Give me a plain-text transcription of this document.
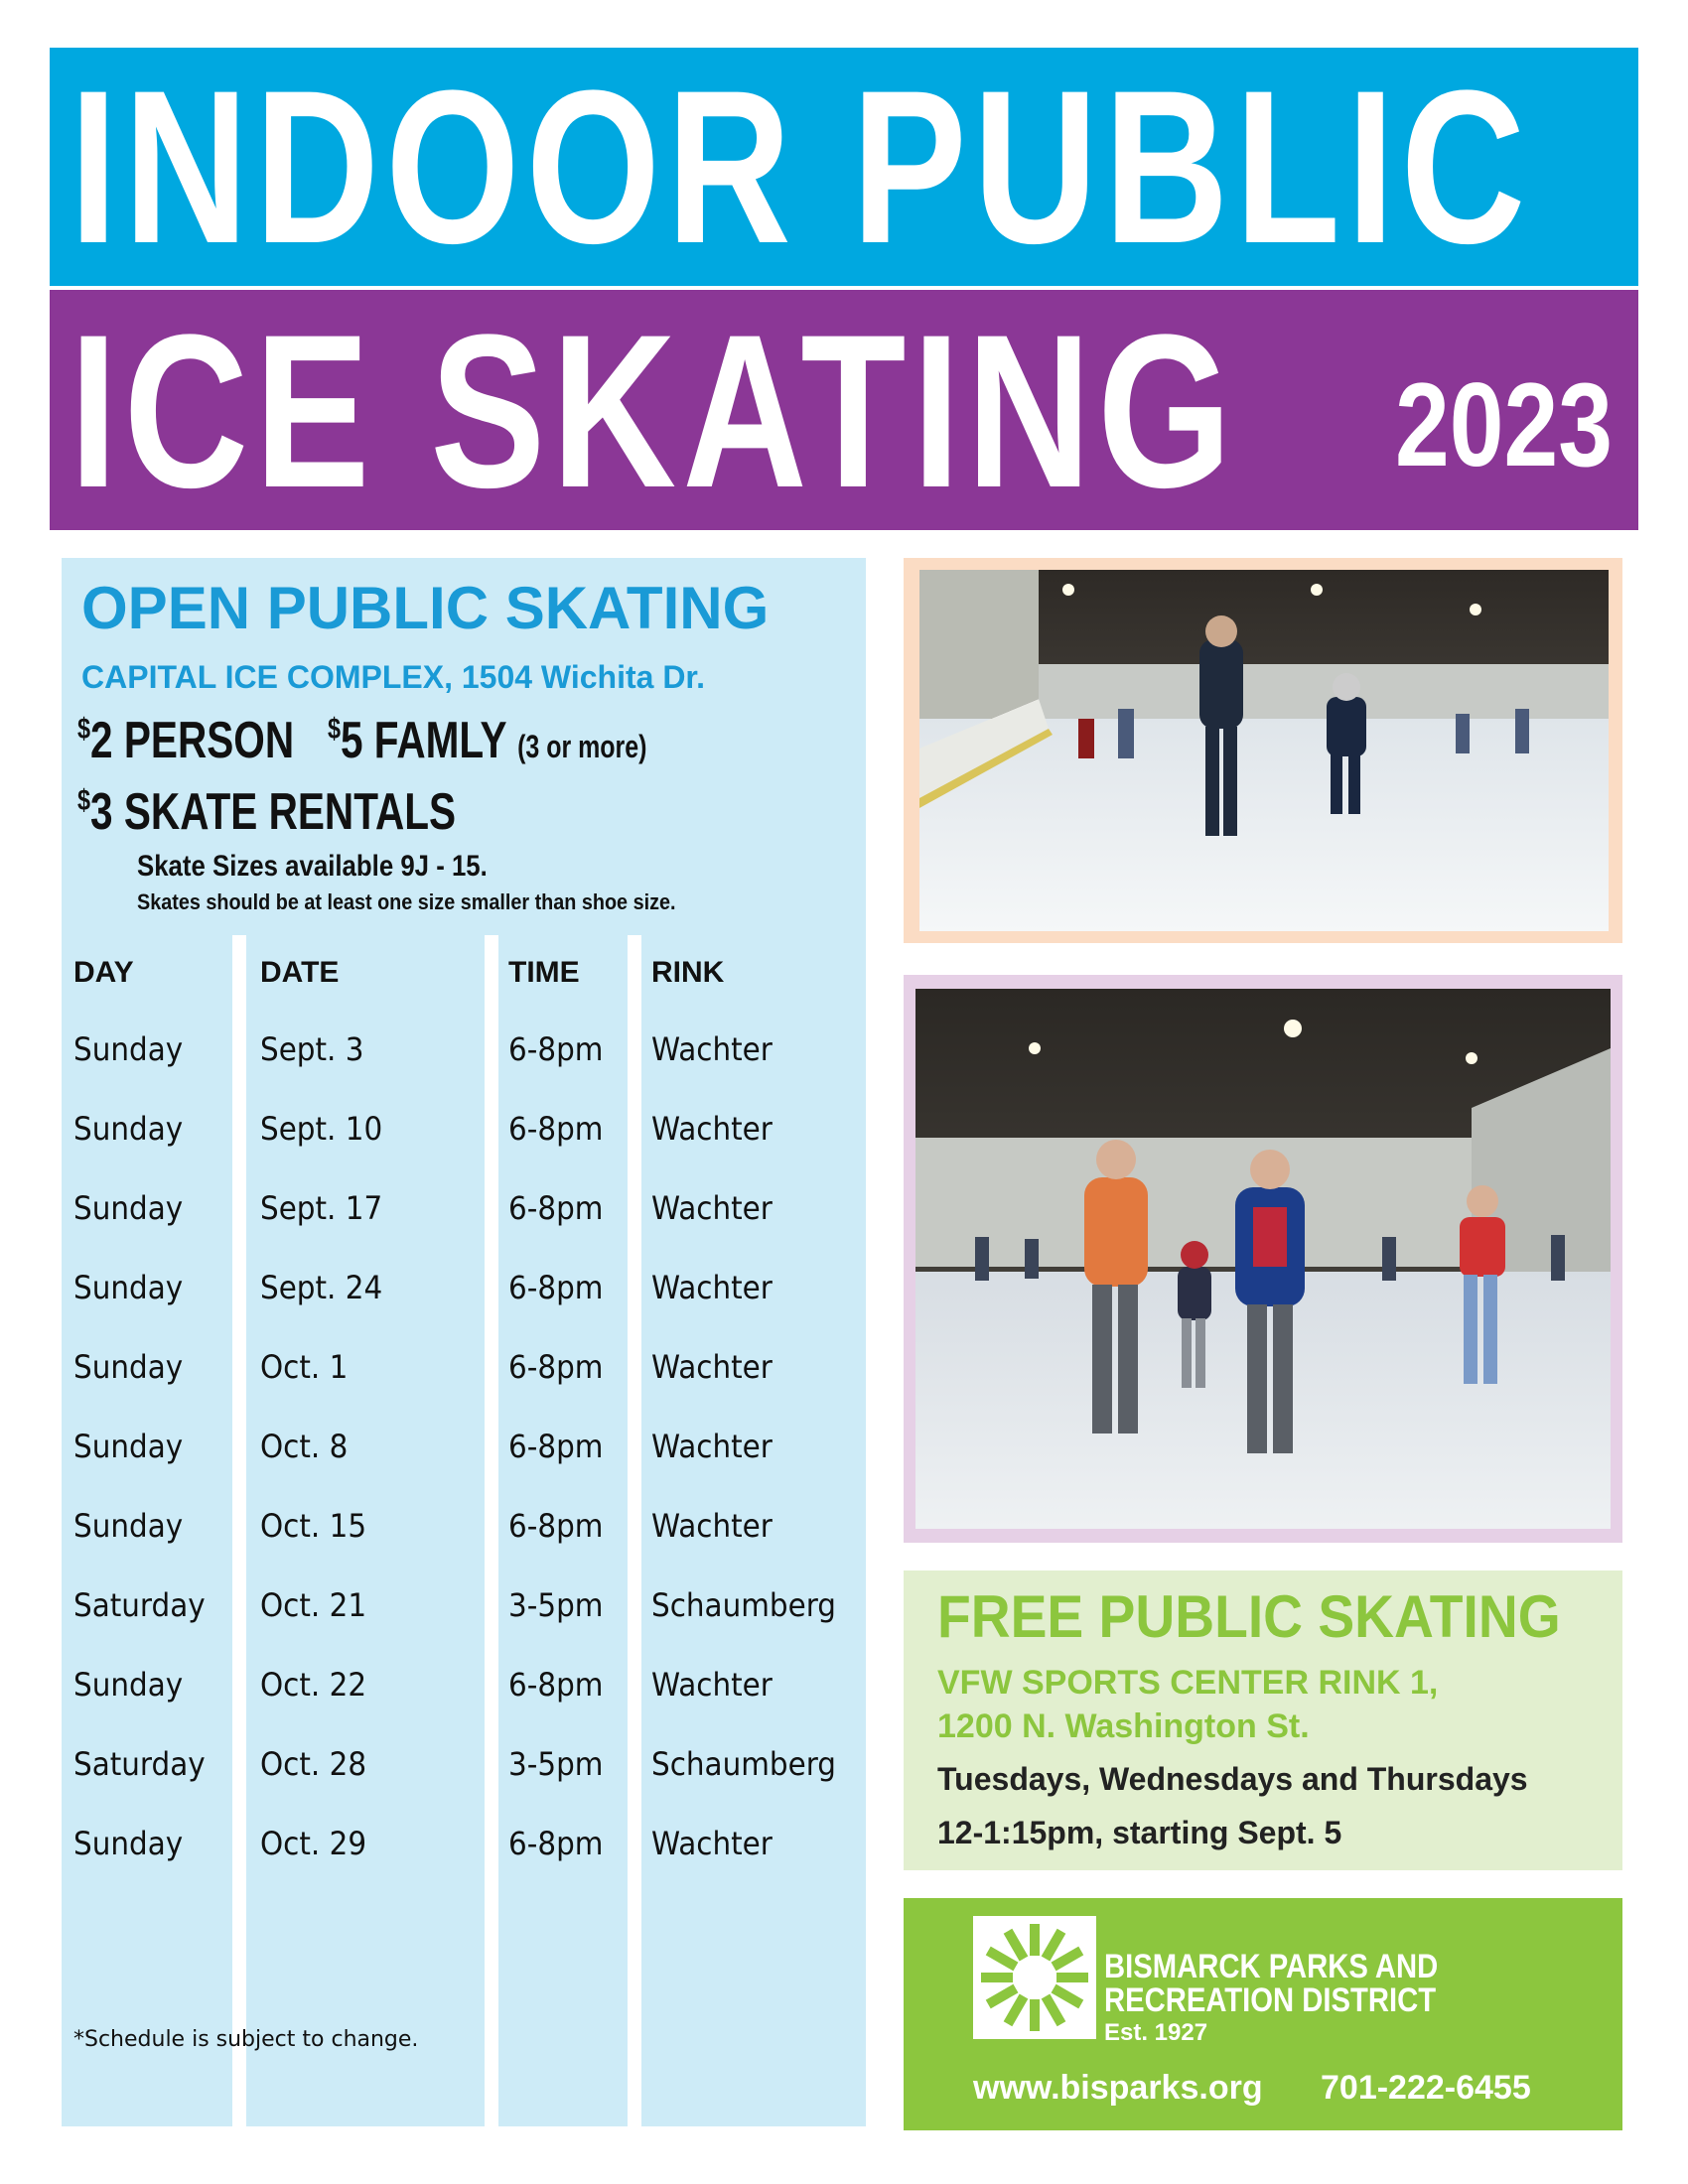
INDOOR PUBLIC
ICE SKATING 2023
OPEN PUBLIC SKATING
CAPITAL ICE COMPLEX, 1504 Wichita Dr.
$2 PERSON $5 FAMLY (3 or more)
$3 SKATE RENTALS
Skate Sizes available 9J - 15.
Skates should be at least one size smaller than shoe size.
DAY	DATE	TIME RINK
Sunday Sept. 3	6-8pm Wachter
Sunday Sept. 10	6-8pm Wachter
Sunday Sept. 17	6-8pm Wachter
Sunday Sept. 24	6-8pm Wachter
Sunday Oct. 1	6-8pm Wachter
Sunday Oct. 8	6-8pm Wachter
Sunday Oct. 15	6-8pm Wachter
Saturday Oct. 21	3-5pm Schaumberg
Sunday Oct. 22	6-8pm Wachter
Saturday Oct. 28	3-5pm Schaumberg
Sunday Oct. 29	6-8pm Wachter
*Schedule is subject to change.
FREE PUBLIC SKATING
VFW SPORTS CENTER RINK 1,
1200 N. Washington St.
Tuesdays, Wednesdays and Thursdays
12-1:15pm, starting Sept. 5
BISMARCK PARKS AND
RECREATION DISTRICT
Est. 1927
www.bisparks.org 701-222-6455
